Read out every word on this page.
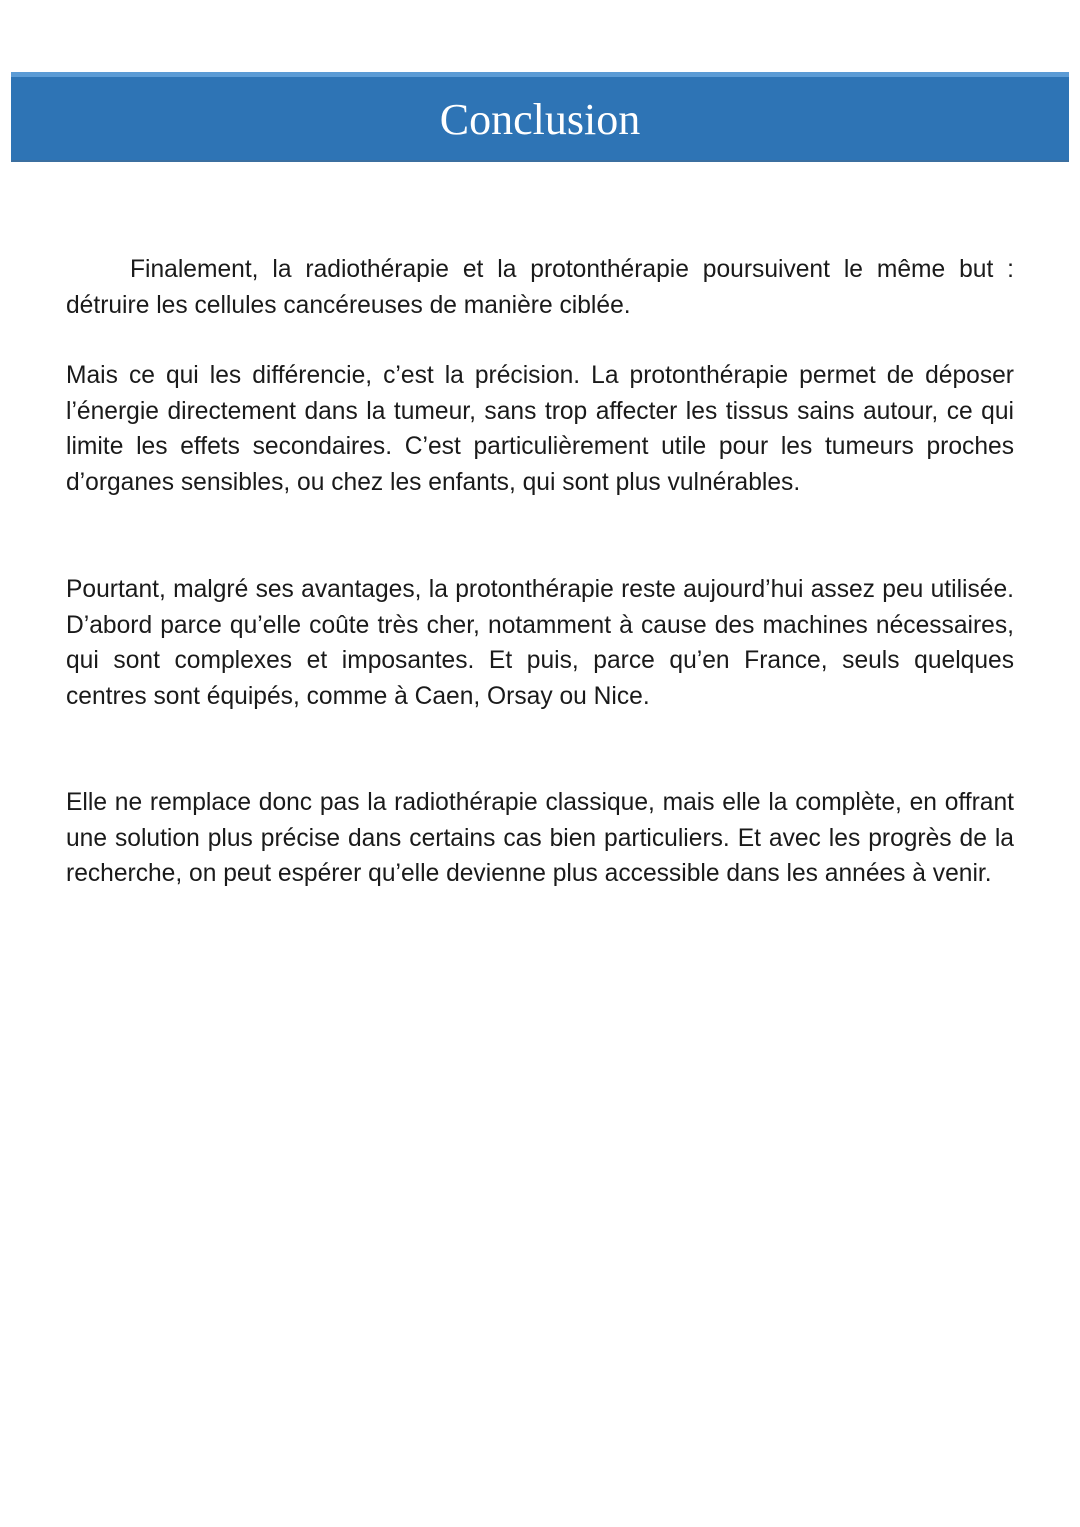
Conclusion

Finalement, la radiothérapie et la protonthérapie poursuivent le même but : détruire les cellules cancéreuses de manière ciblée.

Mais ce qui les différencie, c’est la précision. La protonthérapie permet de déposer l’énergie directement dans la tumeur, sans trop affecter les tissus sains autour, ce qui limite les effets secondaires. C’est particulièrement utile pour les tumeurs proches d’organes sensibles, ou chez les enfants, qui sont plus vulnérables.

Pourtant, malgré ses avantages, la protonthérapie reste aujourd’hui assez peu utilisée. D’abord parce qu’elle coûte très cher, notamment à cause des machines nécessaires, qui sont complexes et imposantes. Et puis, parce qu’en France, seuls quelques centres sont équipés, comme à Caen, Orsay ou Nice.

Elle ne remplace donc pas la radiothérapie classique, mais elle la complète, en offrant une solution plus précise dans certains cas bien particuliers. Et avec les progrès de la recherche, on peut espérer qu’elle devienne plus accessible dans les années à venir.
